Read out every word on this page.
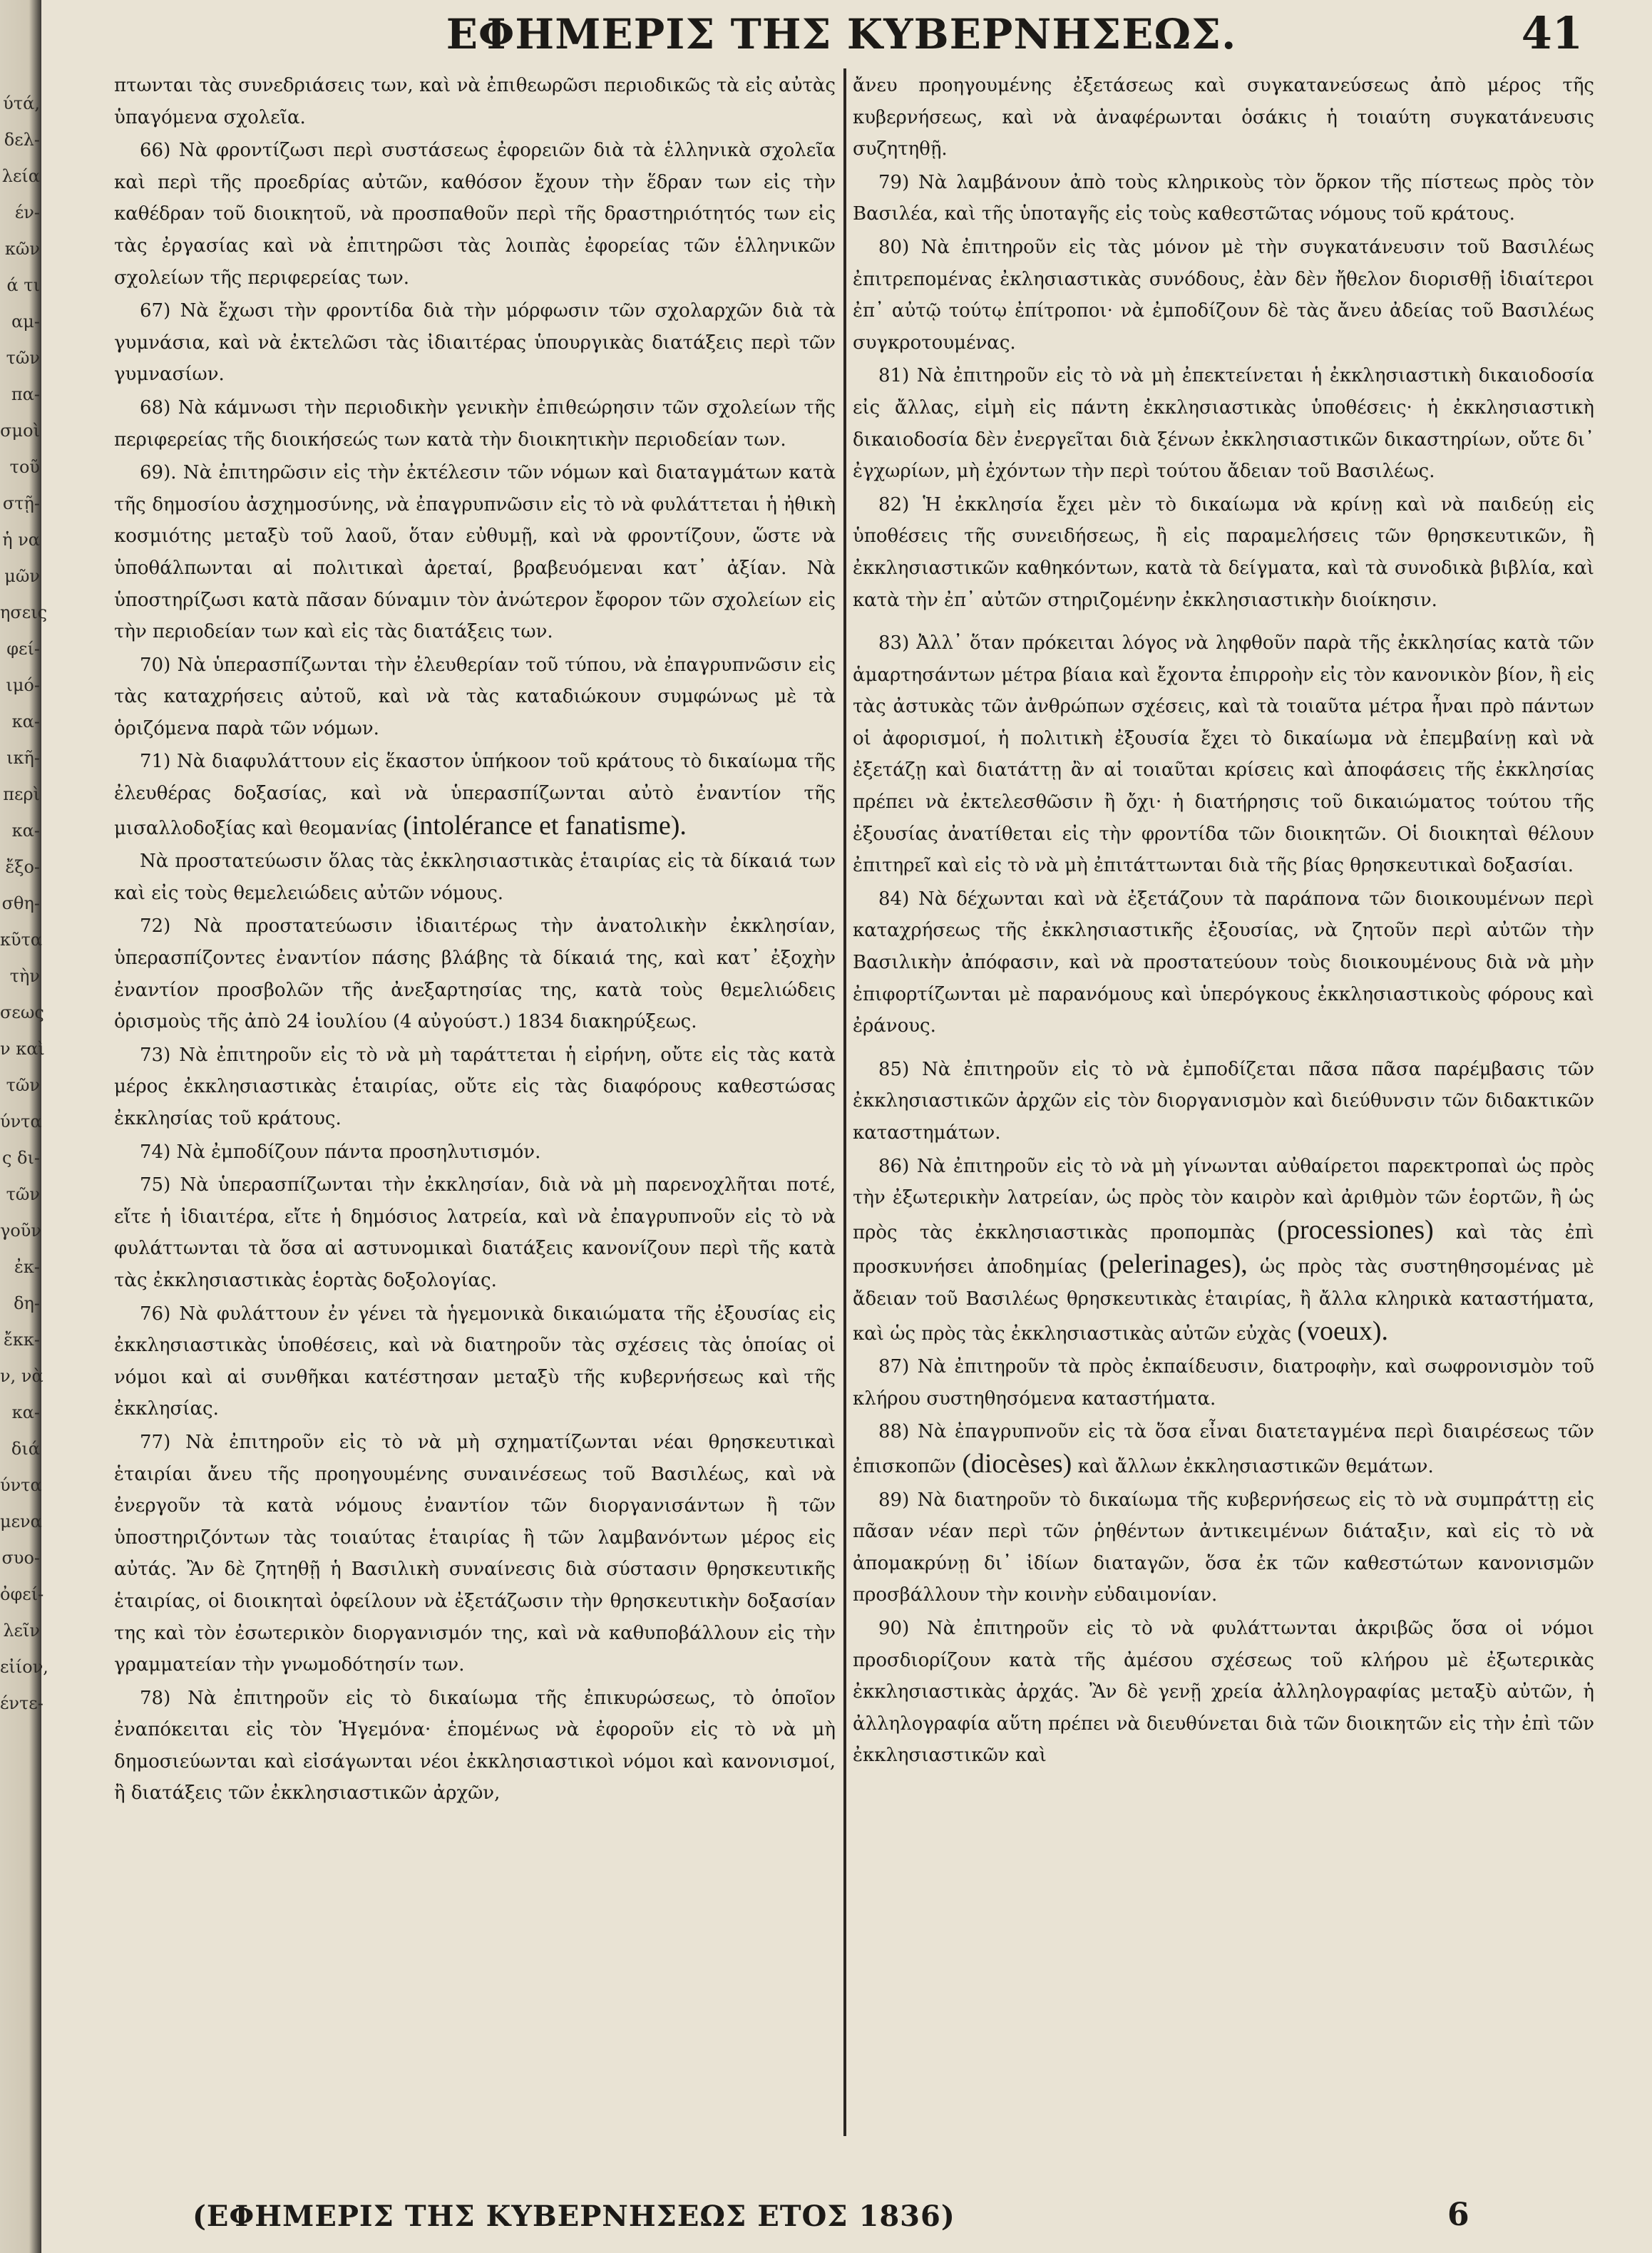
ύτά,
δελ-
λεία
έν-
κῶν
ά τι
αμ-
τῶν
πα-
σμοὶ
τοῦ
στῇ-
ἡ να
μῶν
ησεις
φεί-
ιμό-
κα-
ικῆ-
περὶ
κα-
ἔξο-
σθη-
κῦτα
τὴν
σεως
ν καὶ
τῶν
ύντα
ς δι-
τῶν
γοῦν
ἐκ-
δη-
ἔκκ-
ν, νὰ
κα-
διά
ύντα
μενα
συο-
ὀφεί-
λεῖν
εἰίον,
έντε-
ΕΦΗΜΕΡΙΣ ΤΗΣ ΚΥΒΕΡΝΗΣΕΩΣ.	41

πτωνται τὰς συνεδριάσεις των, καὶ νὰ ἐπιθεωρῶσι περιοδικῶς τὰ εἰς αὐτὰς ὑπαγόμενα σχολεῖα.

66) Νὰ φροντίζωσι περὶ συστάσεως ἐφορειῶν διὰ τὰ ἑλληνικὰ σχολεῖα καὶ περὶ τῆς προεδρίας αὐτῶν, καθόσον ἔχουν τὴν ἕδραν των εἰς τὴν καθέδραν τοῦ διοικητοῦ, νὰ προσπαθοῦν περὶ τῆς δραστηριότητός των εἰς τὰς ἐργασίας καὶ νὰ ἐπιτηρῶσι τὰς λοιπὰς ἐφορείας τῶν ἑλληνικῶν σχολείων τῆς περιφερείας των.

67) Νὰ ἔχωσι τὴν φροντίδα διὰ τὴν μόρφωσιν τῶν σχολαρχῶν διὰ τὰ γυμνάσια, καὶ νὰ ἐκτελῶσι τὰς ἰδιαιτέρας ὑπουργικὰς διατάξεις περὶ τῶν γυμνασίων.

68) Νὰ κάμνωσι τὴν περιοδικὴν γενικὴν ἐπιθεώρησιν τῶν σχολείων τῆς περιφερείας τῆς διοικήσεώς των κατὰ τὴν διοικητικὴν περιοδείαν των.

69). Νὰ ἐπιτηρῶσιν εἰς τὴν ἐκτέλεσιν τῶν νόμων καὶ διαταγμάτων κατὰ τῆς δημοσίου ἀσχημοσύνης, νὰ ἐπαγρυπνῶσιν εἰς τὸ νὰ φυλάττεται ἡ ἠθικὴ κοσμιότης μεταξὺ τοῦ λαοῦ, ὅταν εὐθυμῇ, καὶ νὰ φροντίζουν, ὥστε νὰ ὑποθάλπωνται αἱ πολιτικαὶ ἀρεταί, βραβευόμεναι κατ᾽ ἀξίαν. Νὰ ὑποστηρίζωσι κατὰ πᾶσαν δύναμιν τὸν ἀνώτερον ἔφορον τῶν σχολείων εἰς τὴν περιοδείαν των καὶ εἰς τὰς διατάξεις των.

70) Νὰ ὑπερασπίζωνται τὴν ἐλευθερίαν τοῦ τύπου, νὰ ἐπαγρυπνῶσιν εἰς τὰς καταχρήσεις αὐτοῦ, καὶ νὰ τὰς καταδιώκουν συμφώνως μὲ τὰ ὁριζόμενα παρὰ τῶν νόμων.

71) Νὰ διαφυλάττουν εἰς ἕκαστον ὑπήκοον τοῦ κράτους τὸ δικαίωμα τῆς ἐλευθέρας δοξασίας, καὶ νὰ ὑπερασπίζωνται αὐτὸ ἐναντίον τῆς μισαλλοδοξίας καὶ θεομανίας (intolérance et fanatisme).

Νὰ προστατεύωσιν ὅλας τὰς ἐκκλησιαστικὰς ἑταιρίας εἰς τὰ δίκαιά των καὶ εἰς τοὺς θεμελειώδεις αὐτῶν νόμους.

72) Νὰ προστατεύωσιν ἰδιαιτέρως τὴν ἀνατολικὴν ἐκκλησίαν, ὑπερασπίζοντες ἐναντίον πάσης βλάβης τὰ δίκαιά της, καὶ κατ᾽ ἐξοχὴν ἐναντίον προσβολῶν τῆς ἀνεξαρτησίας της, κατὰ τοὺς θεμελιώδεις ὁρισμοὺς τῆς ἀπὸ 24 ἰουλίου (4 αὐγούστ.) 1834 διακηρύξεως.

73) Νὰ ἐπιτηροῦν εἰς τὸ νὰ μὴ ταράττεται ἡ εἰρήνη, οὔτε εἰς τὰς κατὰ μέρος ἐκκλησιαστικὰς ἑταιρίας, οὔτε εἰς τὰς διαφόρους καθεστώσας ἐκκλησίας τοῦ κράτους.

74) Νὰ ἐμποδίζουν πάντα προσηλυτισμόν.

75) Νὰ ὑπερασπίζωνται τὴν ἐκκλησίαν, διὰ νὰ μὴ παρενοχλῆται ποτέ, εἴτε ἡ ἰδιαιτέρα, εἴτε ἡ δημόσιος λατρεία, καὶ νὰ ἐπαγρυπνοῦν εἰς τὸ νὰ φυλάττωνται τὰ ὅσα αἱ αστυνομικαὶ διατάξεις κανονίζουν περὶ τῆς κατὰ τὰς ἐκκλησιαστικὰς ἑορτὰς δοξολογίας.

76) Νὰ φυλάττουν ἐν γένει τὰ ἡγεμονικὰ δικαιώματα τῆς ἐξουσίας εἰς ἐκκλησιαστικὰς ὑποθέσεις, καὶ νὰ διατηροῦν τὰς σχέσεις τὰς ὁποίας οἱ νόμοι καὶ αἱ συνθῆκαι κατέστησαν μεταξὺ τῆς κυβερνήσεως καὶ τῆς ἐκκλησίας.

77) Νὰ ἐπιτηροῦν εἰς τὸ νὰ μὴ σχηματίζωνται νέαι θρησκευτικαὶ ἑταιρίαι ἄνευ τῆς προηγουμένης συναινέσεως τοῦ Βασιλέως, καὶ νὰ ἐνεργοῦν τὰ κατὰ νόμους ἐναντίον τῶν διοργανισάντων ἢ τῶν ὑποστηριζόντων τὰς τοιαύτας ἑταιρίας ἢ τῶν λαμβανόντων μέρος εἰς αὐτάς. Ἂν δὲ ζητηθῇ ἡ Βασιλικὴ συναίνεσις διὰ σύστασιν θρησκευτικῆς ἑταιρίας, οἱ διοικηταὶ ὀφείλουν νὰ ἐξετάζωσιν τὴν θρησκευτικὴν δοξασίαν της καὶ τὸν ἐσωτερικὸν διοργανισμόν της, καὶ νὰ καθυποβάλλουν εἰς τὴν γραμματείαν τὴν γνωμοδότησίν των.

78) Νὰ ἐπιτηροῦν εἰς τὸ δικαίωμα τῆς ἐπικυρώσεως, τὸ ὁποῖον ἐναπόκειται εἰς τὸν Ἡγεμόνα· ἑπομένως νὰ ἐφοροῦν εἰς τὸ νὰ μὴ δημοσιεύωνται καὶ εἰσάγωνται νέοι ἐκκλησιαστικοὶ νόμοι καὶ κανονισμοί, ἢ διατάξεις τῶν ἐκκλησιαστικῶν ἀρχῶν,

ἄνευ προηγουμένης ἐξετάσεως καὶ συγκατανεύσεως ἀπὸ μέρος τῆς κυβερνήσεως, καὶ νὰ ἀναφέρωνται ὁσάκις ἡ τοιαύτη συγκατάνευσις συζητηθῇ.

79) Νὰ λαμβάνουν ἀπὸ τοὺς κληρικοὺς τὸν ὅρκον τῆς πίστεως πρὸς τὸν Βασιλέα, καὶ τῆς ὑποταγῆς εἰς τοὺς καθεστῶτας νόμους τοῦ κράτους.

80) Νὰ ἐπιτηροῦν εἰς τὰς μόνον μὲ τὴν συγκατάνευσιν τοῦ Βασιλέως ἐπιτρεπομένας ἐκλησιαστικὰς συνόδους, ἐὰν δὲν ἤθελον διορισθῇ ἰδιαίτεροι ἐπ᾽ αὐτῷ τούτῳ ἐπίτροποι· νὰ ἐμποδίζουν δὲ τὰς ἄνευ ἀδείας τοῦ Βασιλέως συγκροτουμένας.

81) Νὰ ἐπιτηροῦν εἰς τὸ νὰ μὴ ἐπεκτείνεται ἡ ἐκκλησιαστικὴ δικαιοδοσία εἰς ἄλλας, εἰμὴ εἰς πάντη ἐκκλησιαστικὰς ὑποθέσεις· ἡ ἐκκλησιαστικὴ δικαιοδοσία δὲν ἐνεργεῖται διὰ ξένων ἐκκλησιαστικῶν δικαστηρίων, οὔτε δι᾽ ἐγχωρίων, μὴ ἐχόντων τὴν περὶ τούτου ἄδειαν τοῦ Βασιλέως.

82) Ἡ ἐκκλησία ἔχει μὲν τὸ δικαίωμα νὰ κρίνῃ καὶ νὰ παιδεύῃ εἰς ὑποθέσεις τῆς συνειδήσεως, ἢ εἰς παραμελήσεις τῶν θρησκευτικῶν, ἢ ἐκκλησιαστικῶν καθηκόντων, κατὰ τὰ δείγματα, καὶ τὰ συνοδικὰ βιβλία, καὶ κατὰ τὴν ἐπ᾽ αὐτῶν στηριζομένην ἐκκλησιαστικὴν διοίκησιν.

83) Ἀλλ᾽ ὅταν πρόκειται λόγος νὰ ληφθοῦν παρὰ τῆς ἐκκλησίας κατὰ τῶν ἁμαρτησάντων μέτρα βίαια καὶ ἔχοντα ἐπιρροὴν εἰς τὸν κανονικὸν βίον, ἢ εἰς τὰς ἀστυκὰς τῶν ἀνθρώπων σχέσεις, καὶ τὰ τοιαῦτα μέτρα ἦναι πρὸ πάντων οἱ ἀφορισμοί, ἡ πολιτικὴ ἐξουσία ἔχει τὸ δικαίωμα νὰ ἐπεμβαίνῃ καὶ νὰ ἐξετάζῃ καὶ διατάττῃ ἂν αἱ τοιαῦται κρίσεις καὶ ἀποφάσεις τῆς ἐκκλησίας πρέπει νὰ ἐκτελεσθῶσιν ἢ ὄχι· ἡ διατήρησις τοῦ δικαιώματος τούτου τῆς ἐξουσίας ἀνατίθεται εἰς τὴν φροντίδα τῶν διοικητῶν. Οἱ διοικηταὶ θέλουν ἐπιτηρεῖ καὶ εἰς τὸ νὰ μὴ ἐπιτάττωνται διὰ τῆς βίας θρησκευτικαὶ δοξασίαι.

84) Νὰ δέχωνται καὶ νὰ ἐξετάζουν τὰ παράπονα τῶν διοικουμένων περὶ καταχρήσεως τῆς ἐκκλησιαστικῆς ἐξουσίας, νὰ ζητοῦν περὶ αὐτῶν τὴν Βασιλικὴν ἀπόφασιν, καὶ νὰ προστατεύουν τοὺς διοικουμένους διὰ νὰ μὴν ἐπιφορτίζωνται μὲ παρανόμους καὶ ὑπερόγκους ἐκκλησιαστικοὺς φόρους καὶ ἐράνους.

85) Νὰ ἐπιτηροῦν εἰς τὸ νὰ ἐμποδίζεται πᾶσα πᾶσα παρέμβασις τῶν ἐκκλησιαστικῶν ἀρχῶν εἰς τὸν διοργανισμὸν καὶ διεύθυνσιν τῶν διδακτικῶν καταστημάτων.

86) Νὰ ἐπιτηροῦν εἰς τὸ νὰ μὴ γίνωνται αὐθαίρετοι παρεκτροπαὶ ὡς πρὸς τὴν ἐξωτερικὴν λατρείαν, ὡς πρὸς τὸν καιρὸν καὶ ἀριθμὸν τῶν ἑορτῶν, ἢ ὡς πρὸς τὰς ἐκκλησιαστικὰς προπομπὰς (processiones) καὶ τὰς ἐπὶ προσκυνήσει ἀποδημίας (pelerinages), ὡς πρὸς τὰς συστηθησομένας μὲ ἄδειαν τοῦ Βασιλέως θρησκευτικὰς ἑταιρίας, ἢ ἄλλα κληρικὰ καταστήματα, καὶ ὡς πρὸς τὰς ἐκκλησιαστικὰς αὐτῶν εὐχὰς (voeux).

87) Νὰ ἐπιτηροῦν τὰ πρὸς ἐκπαίδευσιν, διατροφὴν, καὶ σωφρονισμὸν τοῦ κλήρου συστηθησόμενα καταστήματα.

88) Νὰ ἐπαγρυπνοῦν εἰς τὰ ὅσα εἶναι διατεταγμένα περὶ διαιρέσεως τῶν ἐπισκοπῶν (diocèses) καὶ ἄλλων ἐκκλησιαστικῶν θεμάτων.

89) Νὰ διατηροῦν τὸ δικαίωμα τῆς κυβερνήσεως εἰς τὸ νὰ συμπράττῃ εἰς πᾶσαν νέαν περὶ τῶν ῥηθέντων ἀντικειμένων διάταξιν, καὶ εἰς τὸ νὰ ἀπομακρύνῃ δι᾽ ἰδίων διαταγῶν, ὅσα ἐκ τῶν καθεστώτων κανονισμῶν προσβάλλουν τὴν κοινὴν εὐδαιμονίαν.

90) Νὰ ἐπιτηροῦν εἰς τὸ νὰ φυλάττωνται ἀκριβῶς ὅσα οἱ νόμοι προσδιορίζουν κατὰ τῆς ἀμέσου σχέσεως τοῦ κλήρου μὲ ἐξωτερικὰς ἐκκλησιαστικὰς ἀρχάς. Ἂν δὲ γενῇ χρεία ἀλληλογραφίας μεταξὺ αὐτῶν, ἡ ἀλληλογραφία αὕτη πρέπει νὰ διευθύνεται διὰ τῶν διοικητῶν εἰς τὴν ἐπὶ τῶν ἐκκλησιαστικῶν καὶ

(ΕΦΗΜΕΡΙΣ ΤΗΣ ΚΥΒΕΡΝΗΣΕΩΣ ΕΤΟΣ 1836)	6
